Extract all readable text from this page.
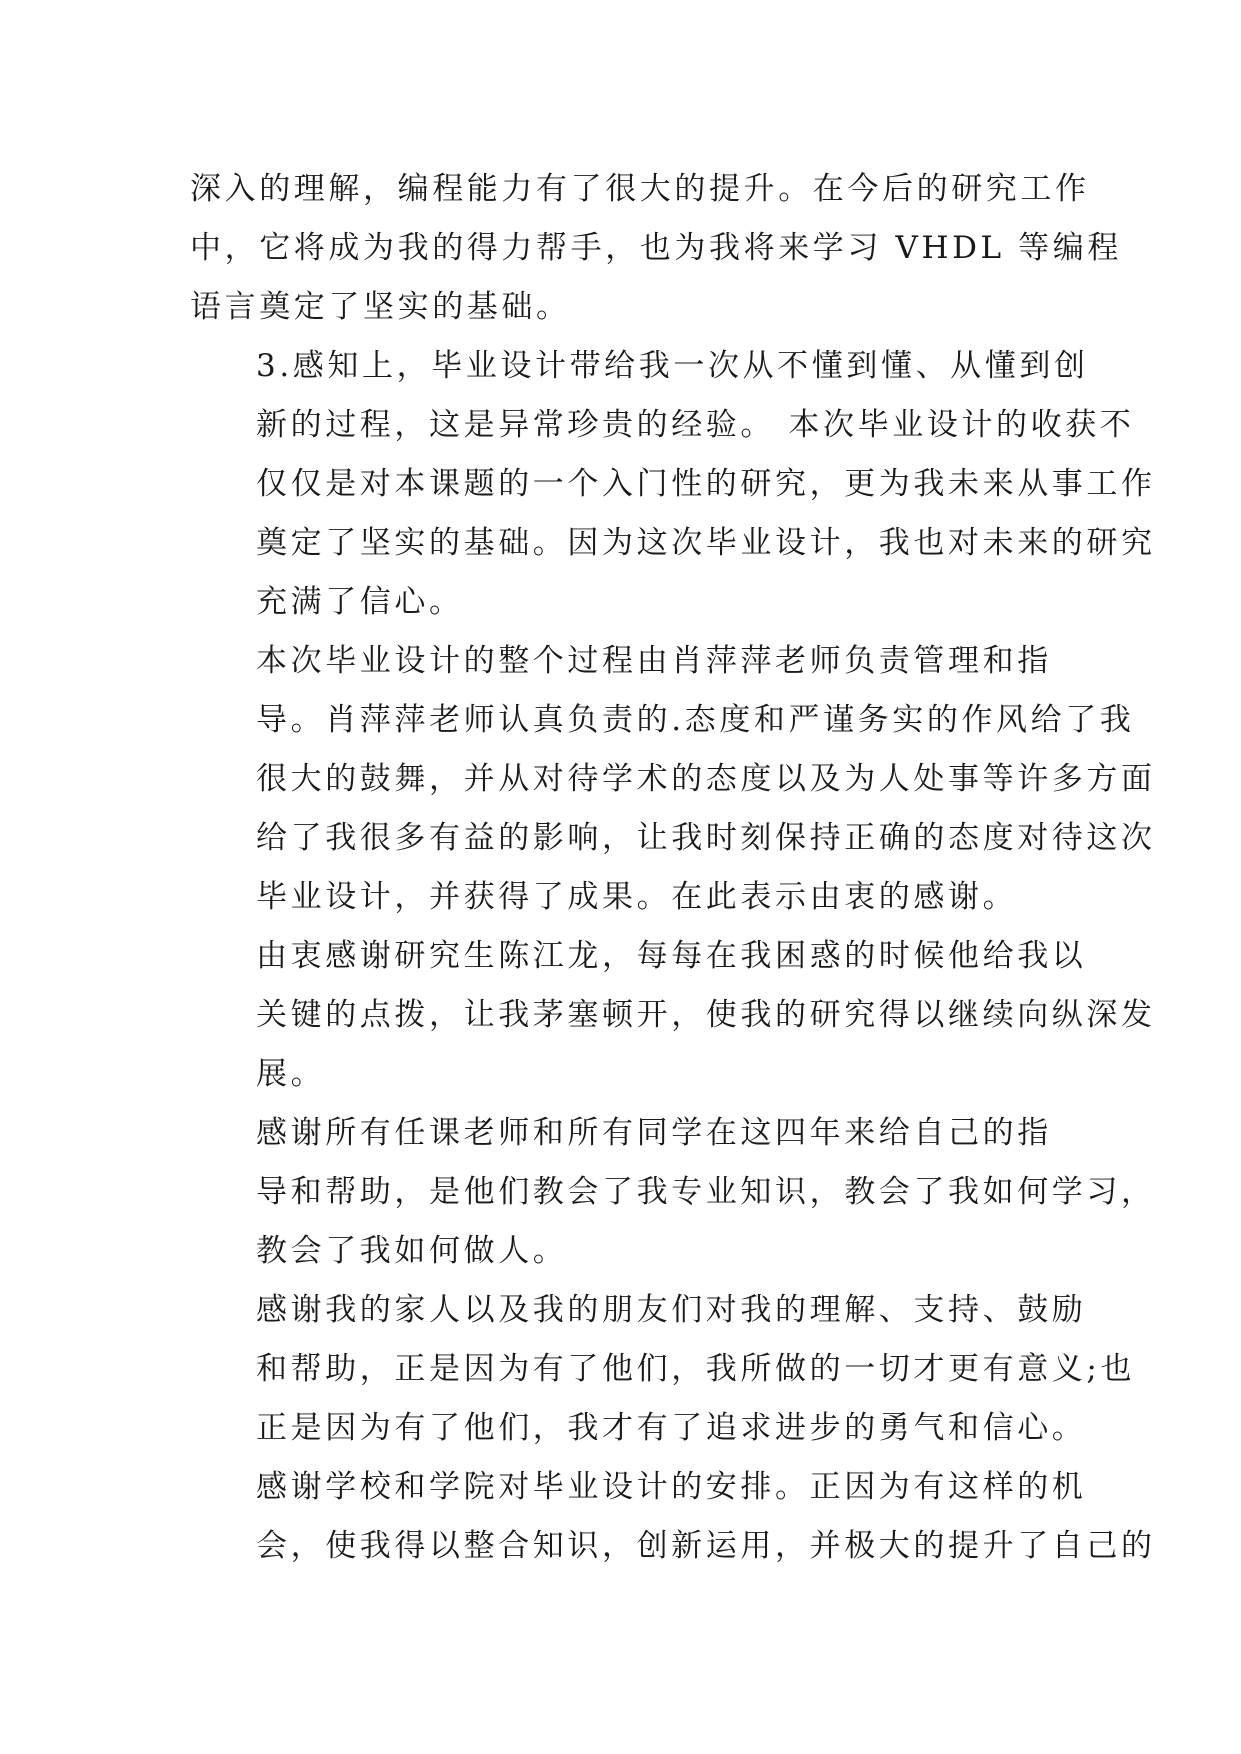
深入的理解，编程能力有了很大的提升。在今后的研究工作
中，它将成为我的得力帮手，也为我将来学习 VHDL 等编程
语言奠定了坚实的基础。

3.感知上，毕业设计带给我一次从不懂到懂、从懂到创
新的过程，这是异常珍贵的经验。 本次毕业设计的收获不
仅仅是对本课题的一个入门性的研究，更为我未来从事工作
奠定了坚实的基础。因为这次毕业设计，我也对未来的研究
充满了信心。

本次毕业设计的整个过程由肖萍萍老师负责管理和指
导。肖萍萍老师认真负责的.态度和严谨务实的作风给了我
很大的鼓舞，并从对待学术的态度以及为人处事等许多方面
给了我很多有益的影响，让我时刻保持正确的态度对待这次
毕业设计，并获得了成果。在此表示由衷的感谢。

由衷感谢研究生陈江龙，每每在我困惑的时候他给我以
关键的点拨，让我茅塞顿开，使我的研究得以继续向纵深发
展。

感谢所有任课老师和所有同学在这四年来给自己的指
导和帮助，是他们教会了我专业知识，教会了我如何学习，
教会了我如何做人。

感谢我的家人以及我的朋友们对我的理解、支持、鼓励
和帮助，正是因为有了他们，我所做的一切才更有意义;也
正是因为有了他们，我才有了追求进步的勇气和信心。

感谢学校和学院对毕业设计的安排。正因为有这样的机
会，使我得以整合知识，创新运用，并极大的提升了自己的
